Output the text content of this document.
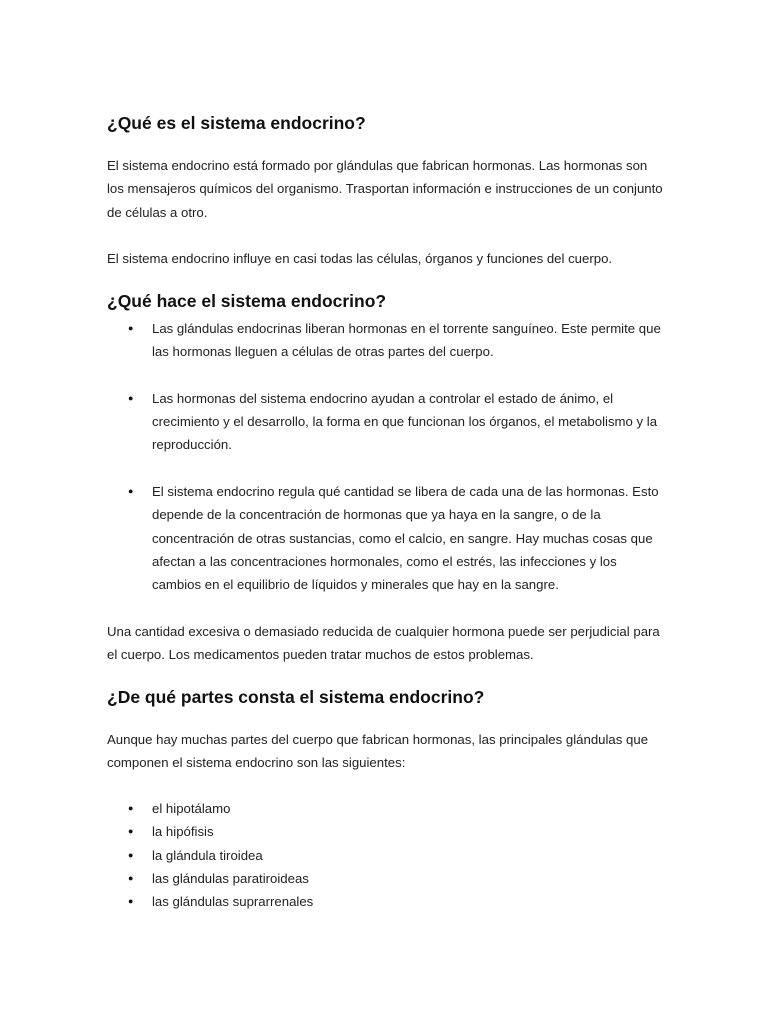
¿Qué es el sistema endocrino?

El sistema endocrino está formado por glándulas que fabrican hormonas. Las hormonas son los mensajeros químicos del organismo. Trasportan información e instrucciones de un conjunto de células a otro.

El sistema endocrino influye en casi todas las células, órganos y funciones del cuerpo.

¿Qué hace el sistema endocrino?
● Las glándulas endocrinas liberan hormonas en el torrente sanguíneo. Este permite que las hormonas lleguen a células de otras partes del cuerpo.
● Las hormonas del sistema endocrino ayudan a controlar el estado de ánimo, el crecimiento y el desarrollo, la forma en que funcionan los órganos, el metabolismo y la reproducción.
● El sistema endocrino regula qué cantidad se libera de cada una de las hormonas. Esto depende de la concentración de hormonas que ya haya en la sangre, o de la concentración de otras sustancias, como el calcio, en sangre. Hay muchas cosas que afectan a las concentraciones hormonales, como el estrés, las infecciones y los cambios en el equilibrio de líquidos y minerales que hay en la sangre.

Una cantidad excesiva o demasiado reducida de cualquier hormona puede ser perjudicial para el cuerpo. Los medicamentos pueden tratar muchos de estos problemas.

¿De qué partes consta el sistema endocrino?

Aunque hay muchas partes del cuerpo que fabrican hormonas, las principales glándulas que componen el sistema endocrino son las siguientes:

● el hipotálamo
● la hipófisis
● la glándula tiroidea
● las glándulas paratiroideas
● las glándulas suprarrenales
